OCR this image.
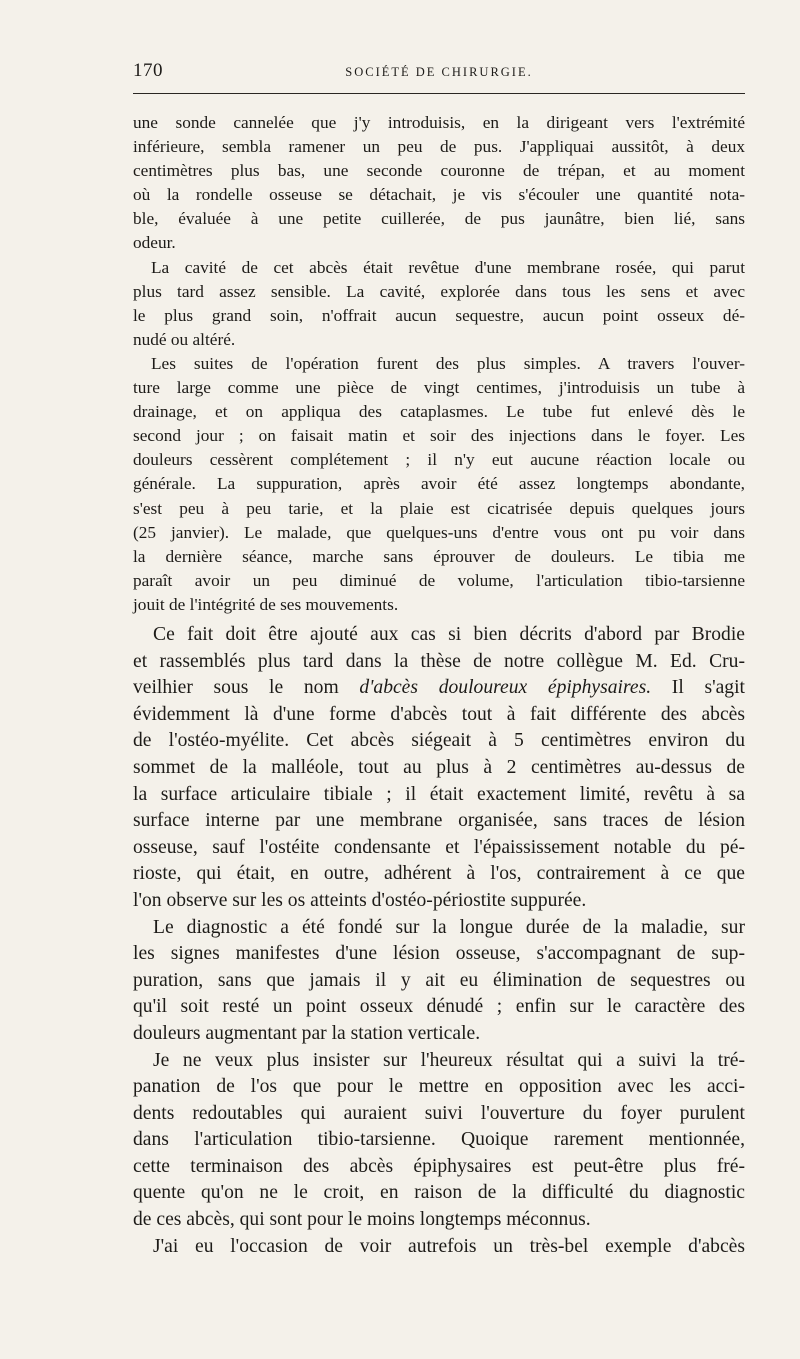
170	SOCIÉTÉ DE CHIRURGIE.

une sonde cannelée que j'y introduisis, en la dirigeant vers l'extrémité
inférieure, sembla ramener un peu de pus. J'appliquai aussitôt, à deux
centimètres plus bas, une seconde couronne de trépan, et au moment
où la rondelle osseuse se détachait, je vis s'écouler une quantité nota-
ble, évaluée à une petite cuillerée, de pus jaunâtre, bien lié, sans
odeur.

La cavité de cet abcès était revêtue d'une membrane rosée, qui parut
plus tard assez sensible. La cavité, explorée dans tous les sens et avec
le plus grand soin, n'offrait aucun sequestre, aucun point osseux dé-
nudé ou altéré.

Les suites de l'opération furent des plus simples. A travers l'ouver-
ture large comme une pièce de vingt centimes, j'introduisis un tube à
drainage, et on appliqua des cataplasmes. Le tube fut enlevé dès le
second jour ; on faisait matin et soir des injections dans le foyer. Les
douleurs cessèrent complétement ; il n'y eut aucune réaction locale ou
générale. La suppuration, après avoir été assez longtemps abondante,
s'est peu à peu tarie, et la plaie est cicatrisée depuis quelques jours
(25 janvier). Le malade, que quelques-uns d'entre vous ont pu voir dans
la dernière séance, marche sans éprouver de douleurs. Le tibia me
paraît avoir un peu diminué de volume, l'articulation tibio-tarsienne
jouit de l'intégrité de ses mouvements.

Ce fait doit être ajouté aux cas si bien décrits d'abord par Brodie
et rassemblés plus tard dans la thèse de notre collègue M. Ed. Cru-
veilhier sous le nom d'abcès douloureux épiphysaires. Il s'agit
évidemment là d'une forme d'abcès tout à fait différente des abcès
de l'ostéo-myélite. Cet abcès siégeait à 5 centimètres environ du
sommet de la malléole, tout au plus à 2 centimètres au-dessus de
la surface articulaire tibiale ; il était exactement limité, revêtu à sa
surface interne par une membrane organisée, sans traces de lésion
osseuse, sauf l'ostéite condensante et l'épaississement notable du pé-
rioste, qui était, en outre, adhérent à l'os, contrairement à ce que
l'on observe sur les os atteints d'ostéo-périostite suppurée.

Le diagnostic a été fondé sur la longue durée de la maladie, sur
les signes manifestes d'une lésion osseuse, s'accompagnant de sup-
puration, sans que jamais il y ait eu élimination de sequestres ou
qu'il soit resté un point osseux dénudé ; enfin sur le caractère des
douleurs augmentant par la station verticale.

Je ne veux plus insister sur l'heureux résultat qui a suivi la tré-
panation de l'os que pour le mettre en opposition avec les acci-
dents redoutables qui auraient suivi l'ouverture du foyer purulent
dans l'articulation tibio-tarsienne. Quoique rarement mentionnée,
cette terminaison des abcès épiphysaires est peut-être plus fré-
quente qu'on ne le croit, en raison de la difficulté du diagnostic
de ces abcès, qui sont pour le moins longtemps méconnus.

J'ai eu l'occasion de voir autrefois un très-bel exemple d'abcès
